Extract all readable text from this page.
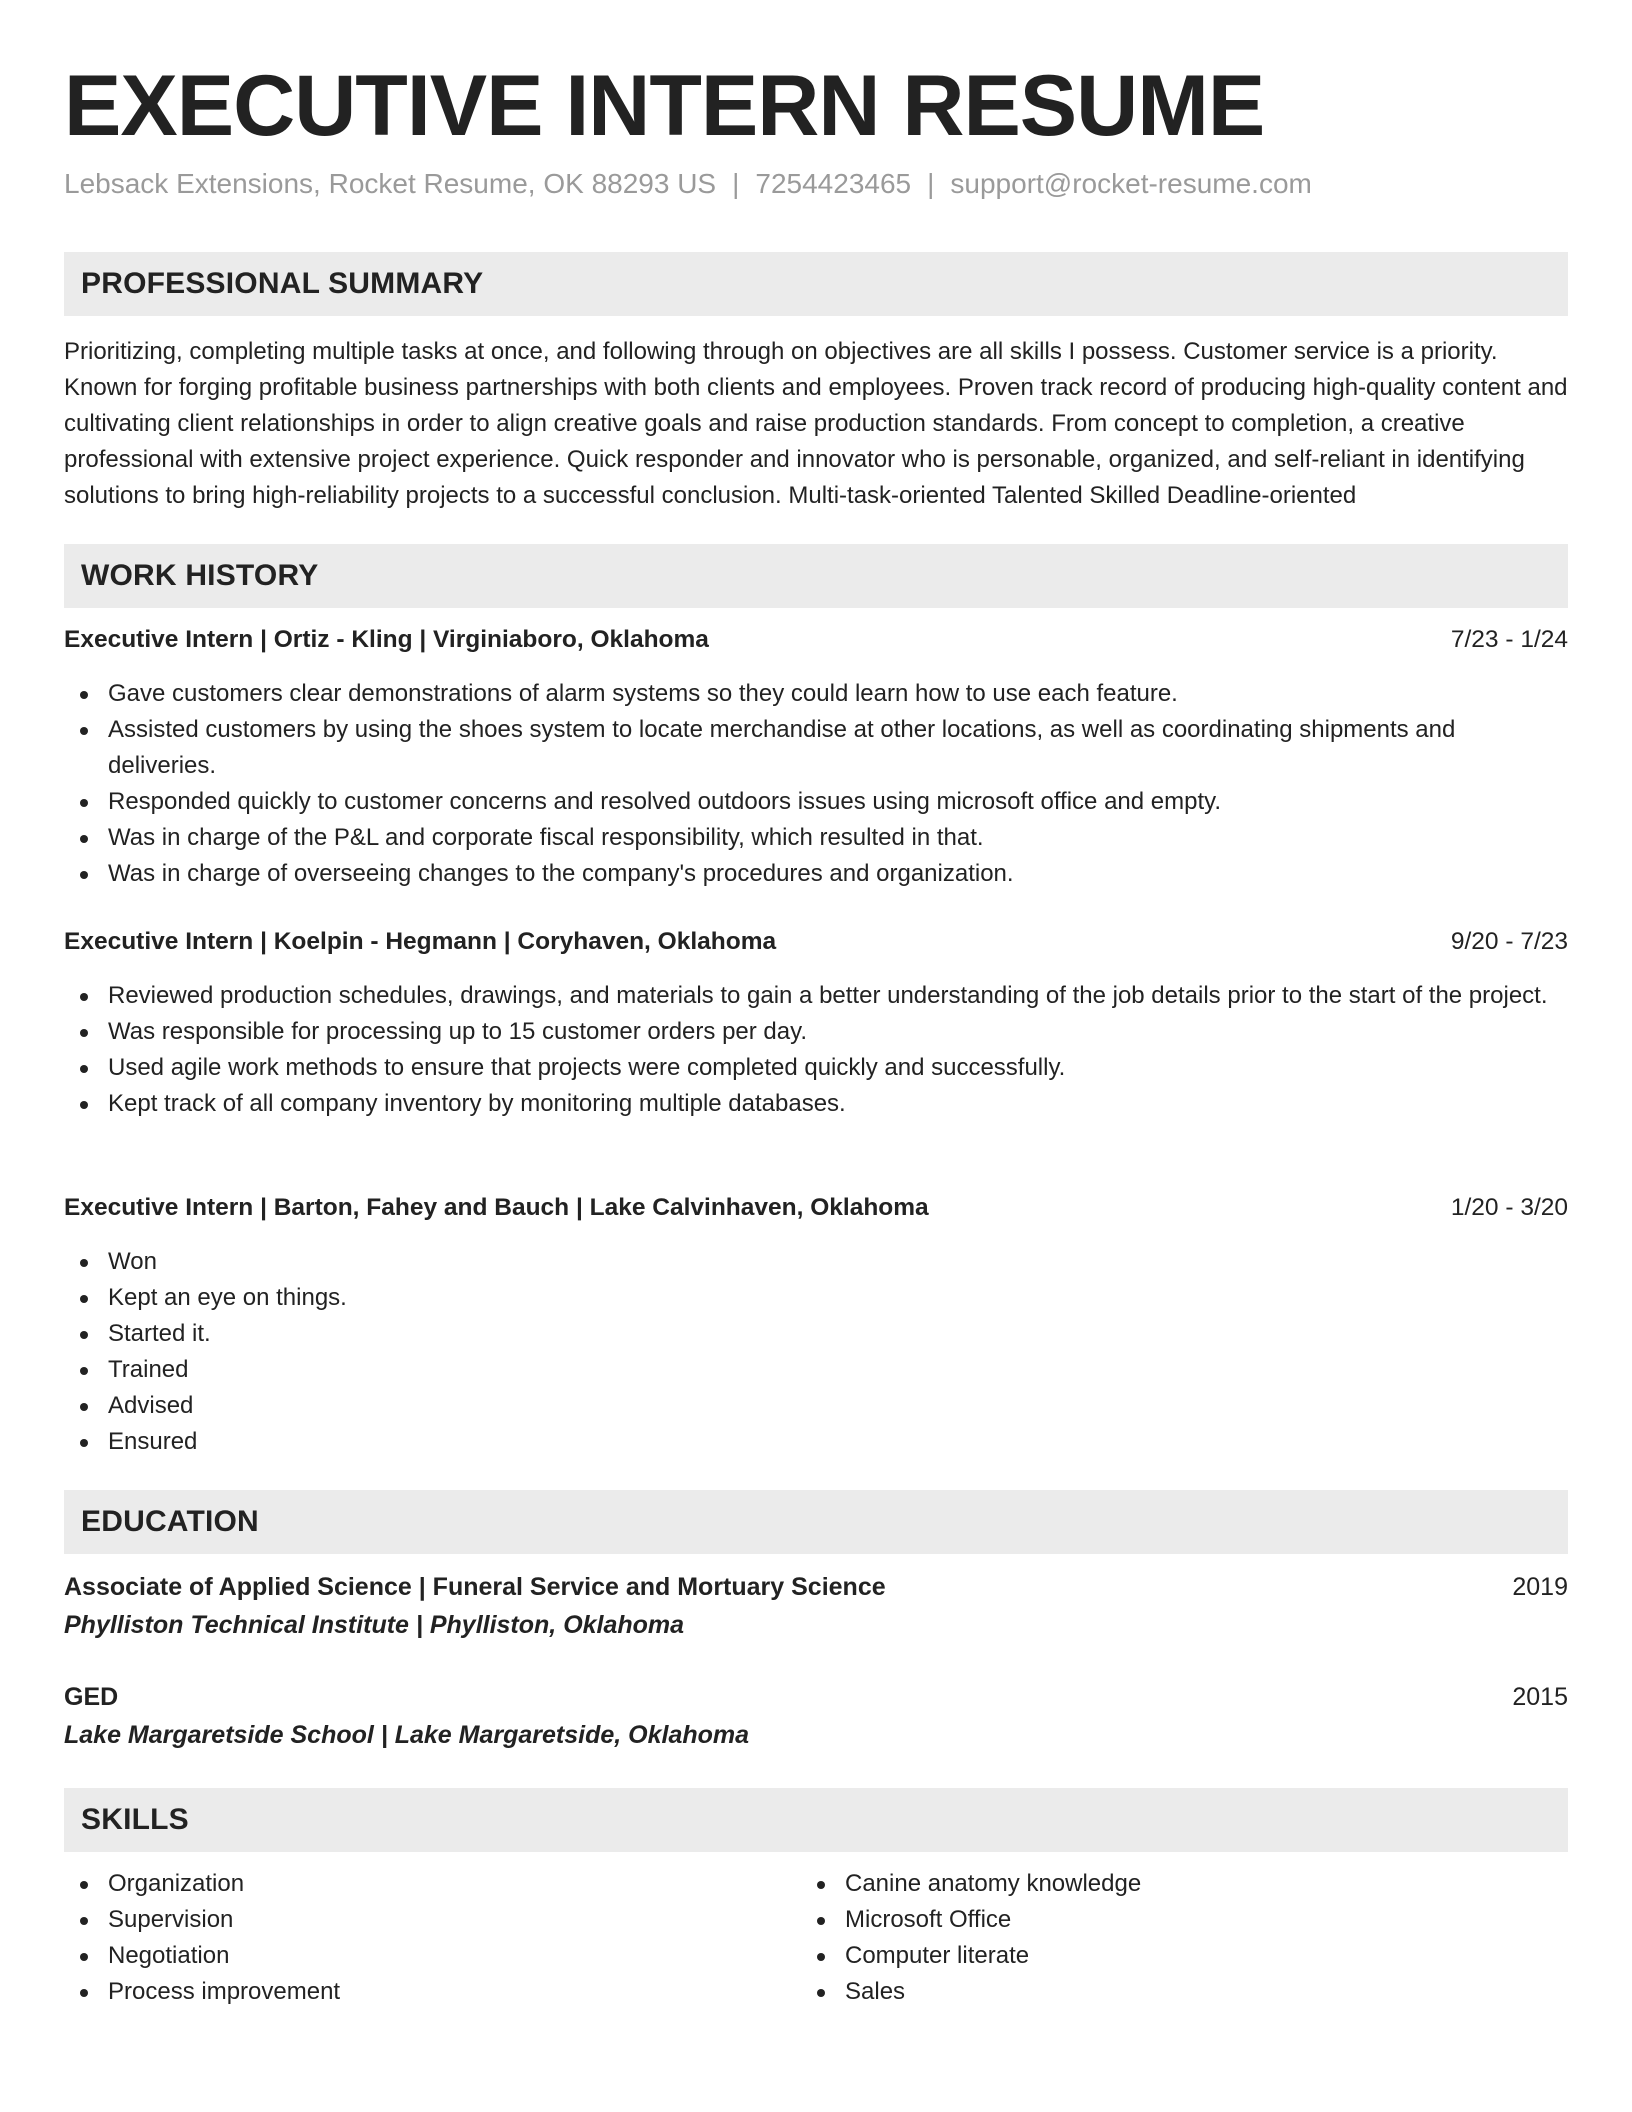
EXECUTIVE INTERN RESUME
Lebsack Extensions, Rocket Resume, OK 88293 US | 7254423465 | support@rocket-resume.com
PROFESSIONAL SUMMARY

Prioritizing, completing multiple tasks at once, and following through on objectives are all skills I possess. Customer service is a priority. Known for forging profitable business partnerships with both clients and employees. Proven track record of producing high-quality content and cultivating client relationships in order to align creative goals and raise production standards. From concept to completion, a creative professional with extensive project experience. Quick responder and innovator who is personable, organized, and self-reliant in identifying solutions to bring high-reliability projects to a successful conclusion. Multi-task-oriented Talented Skilled Deadline-oriented

WORK HISTORY
Executive Intern | Ortiz - Kling | Virginiaboro, Oklahoma	7/23 - 1/24
Gave customers clear demonstrations of alarm systems so they could learn how to use each feature.
Assisted customers by using the shoes system to locate merchandise at other locations, as well as coordinating shipments and deliveries.
Responded quickly to customer concerns and resolved outdoors issues using microsoft office and empty.
Was in charge of the P&L and corporate fiscal responsibility, which resulted in that.
Was in charge of overseeing changes to the company's procedures and organization.
Executive Intern | Koelpin - Hegmann | Coryhaven, Oklahoma	9/20 - 7/23
Reviewed production schedules, drawings, and materials to gain a better understanding of the job details prior to the start of the project.
Was responsible for processing up to 15 customer orders per day.
Used agile work methods to ensure that projects were completed quickly and successfully.
Kept track of all company inventory by monitoring multiple databases.
Executive Intern | Barton, Fahey and Bauch | Lake Calvinhaven, Oklahoma	1/20 - 3/20
Won
Kept an eye on things.
Started it.
Trained
Advised
Ensured
EDUCATION
Associate of Applied Science | Funeral Service and Mortuary Science	2019
Phylliston Technical Institute | Phylliston, Oklahoma
GED	2015
Lake Margaretside School | Lake Margaretside, Oklahoma
SKILLS
Organization
Supervision
Negotiation
Process improvement
Canine anatomy knowledge
Microsoft Office
Computer literate
Sales
